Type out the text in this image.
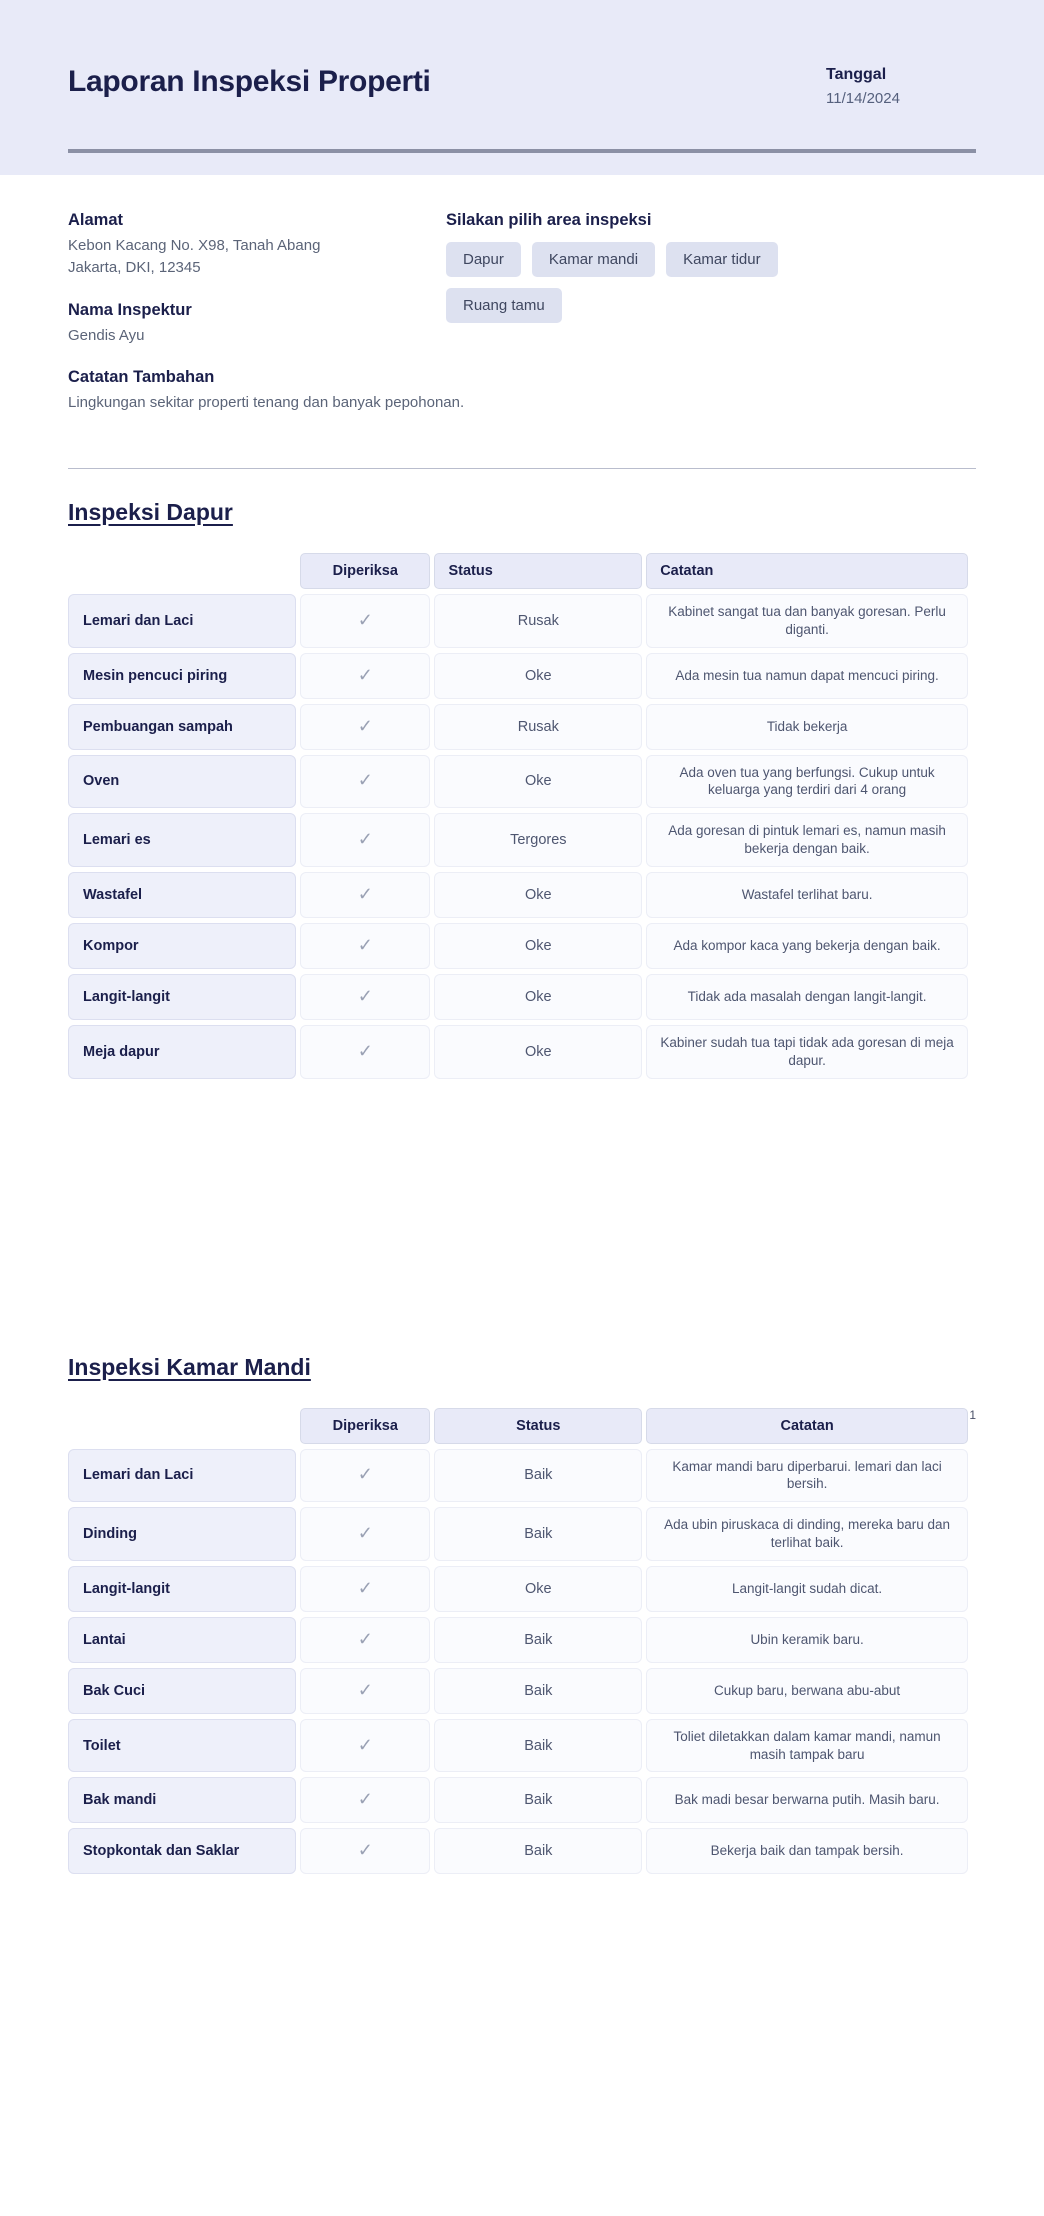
Laporan Inspeksi Properti	Tanggal
11/14/2024
Alamat
Kebon Kacang No. X98, Tanah Abang
Jakarta, DKI, 12345
Nama Inspektur
Gendis Ayu
Silakan pilih area inspeksi
Dapur	Kamar mandi	Kamar tidur
Ruang tamu
Catatan Tambahan
Lingkungan sekitar properti tenang dan banyak pepohonan.
Inspeksi Dapur
	Diperiksa	Status	Catatan
Lemari dan Laci	✓	Rusak	Kabinet sangat tua dan banyak goresan. Perlu diganti.
Mesin pencuci piring	✓	Oke	Ada mesin tua namun dapat mencuci piring.
Pembuangan sampah	✓	Rusak	Tidak bekerja
Oven	✓	Oke	Ada oven tua yang berfungsi. Cukup untuk keluarga yang terdiri dari 4 orang
Lemari es	✓	Tergores	Ada goresan di pintuk lemari es, namun masih bekerja dengan baik.
Wastafel	✓	Oke	Wastafel terlihat baru.
Kompor	✓	Oke	Ada kompor kaca yang bekerja dengan baik.
Langit-langit	✓	Oke	Tidak ada masalah dengan langit-langit.
Meja dapur	✓	Oke	Kabiner sudah tua tapi tidak ada goresan di meja dapur.
1
Inspeksi Kamar Mandi
	Diperiksa	Status	Catatan
Lemari dan Laci	✓	Baik	Kamar mandi baru diperbarui. lemari dan laci bersih.
Dinding	✓	Baik	Ada ubin piruskaca di dinding, mereka baru dan terlihat baik.
Langit-langit	✓	Oke	Langit-langit sudah dicat.
Lantai	✓	Baik	Ubin keramik baru.
Bak Cuci	✓	Baik	Cukup baru, berwana abu-abut
Toilet	✓	Baik	Toliet diletakkan dalam kamar mandi, namun masih tampak baru
Bak mandi	✓	Baik	Bak madi besar berwarna putih. Masih baru.
Stopkontak dan Saklar	✓	Baik	Bekerja baik dan tampak bersih.
